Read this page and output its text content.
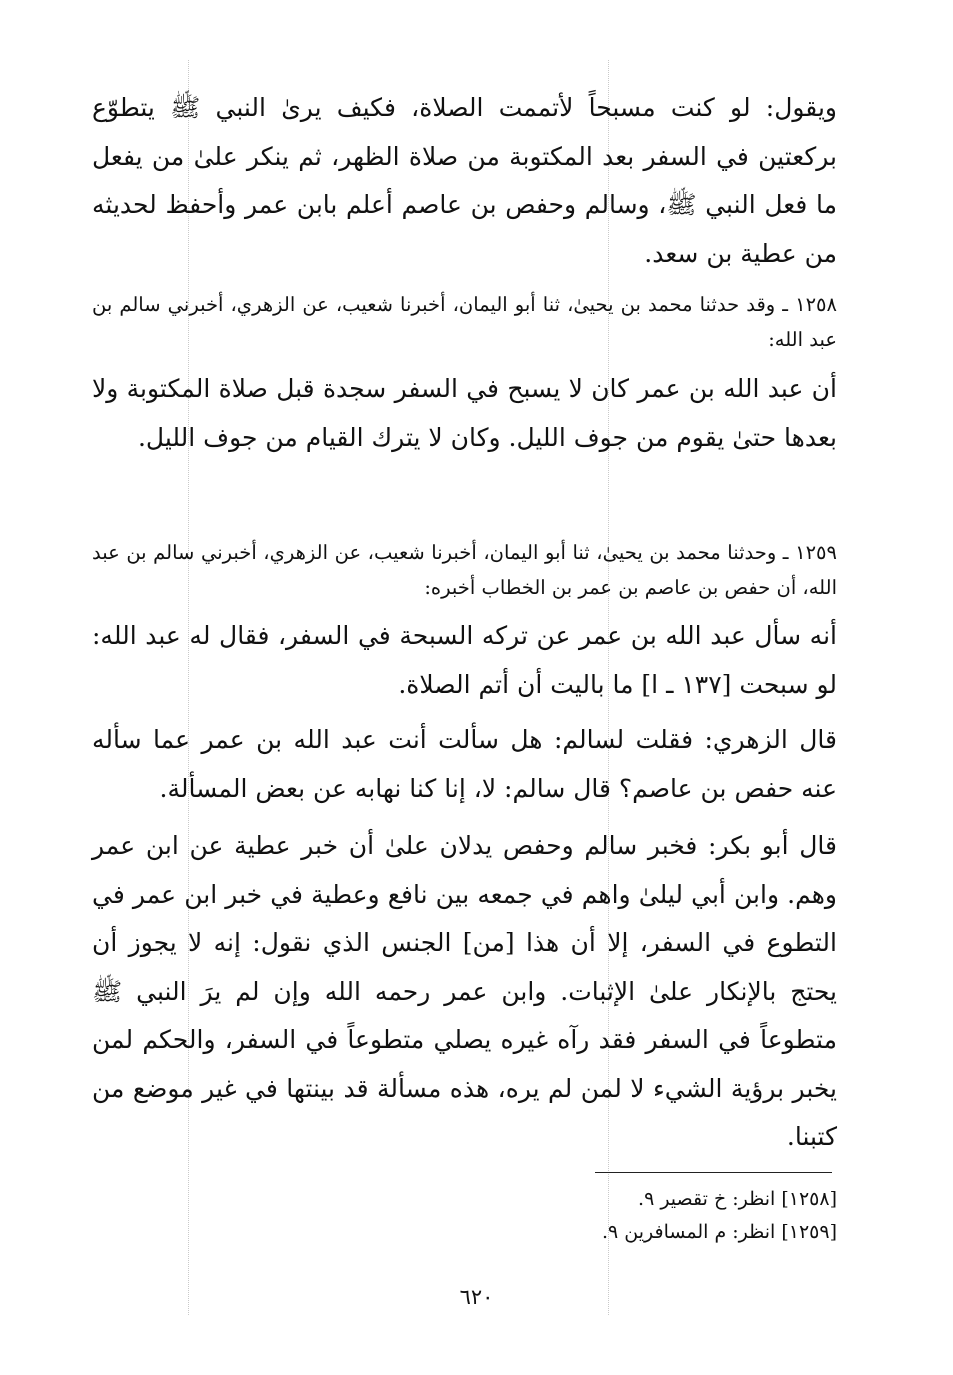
ويقول: لو كنت مسبحاً لأتممت الصلاة، فكيف يرىٰ النبي ﷺ يتطوّع بركعتين في السفر بعد المكتوبة من صلاة الظهر، ثم ينكر علىٰ من يفعل ما فعل النبي ﷺ، وسالم وحفص بن عاصم أعلم بابن عمر وأحفظ لحديثه من عطية بن سعد.
١٢٥٨ ـ وقد حدثنا محمد بن يحيىٰ، ثنا أبو اليمان، أخبرنا شعيب، عن الزهري، أخبرني سالم بن عبد الله:
أن عبد الله بن عمر كان لا يسبح في السفر سجدة قبل صلاة المكتوبة ولا بعدها حتىٰ يقوم من جوف الليل. وكان لا يترك القيام من جوف الليل.
١٢٥٩ ـ وحدثنا محمد بن يحيىٰ، ثنا أبو اليمان، أخبرنا شعيب، عن الزهري، أخبرني سالم بن عبد الله، أن حفص بن عاصم بن عمر بن الخطاب أخبره:
أنه سأل عبد الله بن عمر عن تركه السبحة في السفر، فقال له عبد الله: لو سبحت [١٣٧ ـ ا] ما باليت أن أتم الصلاة.
قال الزهري: فقلت لسالم: هل سألت أنت عبد الله بن عمر عما سأله عنه حفص بن عاصم؟ قال سالم: لا، إنا كنا نهابه عن بعض المسألة.
قال أبو بكر: فخبر سالم وحفص يدلان علىٰ أن خبر عطية عن ابن عمر وهم. وابن أبي ليلىٰ واهم في جمعه بين نافع وعطية في خبر ابن عمر في التطوع في السفر، إلا أن هذا [من] الجنس الذي نقول: إنه لا يجوز أن يحتج بالإنكار علىٰ الإثبات. وابن عمر رحمه الله وإن لم يرَ النبي ﷺ متطوعاً في السفر فقد رآه غيره يصلي متطوعاً في السفر، والحكم لمن يخبر برؤية الشيء لا لمن لم يره، هذه مسألة قد بينتها في غير موضع من كتبنا.
[١٢٥٨] انظر: خ تقصير ٩.
[١٢٥٩] انظر: م المسافرين ٩.
٦٢٠
